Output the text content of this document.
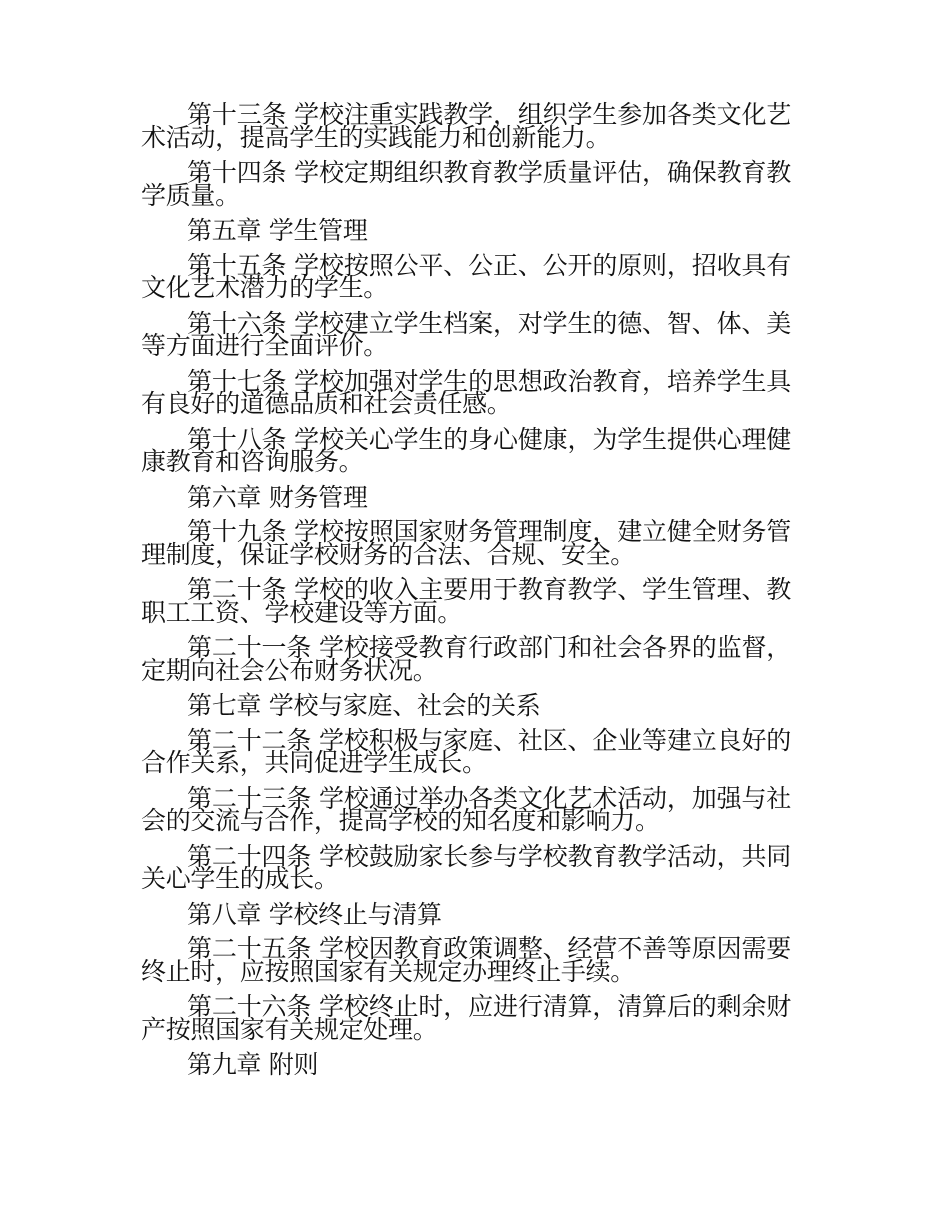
第十三条 学校注重实践教学，组织学生参加各类文化艺术活动，提高学生的实践能力和创新能力。

第十四条 学校定期组织教育教学质量评估，确保教育教学质量。

第五章 学生管理

第十五条 学校按照公平、公正、公开的原则，招收具有文化艺术潜力的学生。

第十六条 学校建立学生档案，对学生的德、智、体、美等方面进行全面评价。

第十七条 学校加强对学生的思想政治教育，培养学生具有良好的道德品质和社会责任感。

第十八条 学校关心学生的身心健康，为学生提供心理健康教育和咨询服务。

第六章 财务管理

第十九条 学校按照国家财务管理制度，建立健全财务管理制度，保证学校财务的合法、合规、安全。

第二十条 学校的收入主要用于教育教学、学生管理、教职工工资、学校建设等方面。

第二十一条 学校接受教育行政部门和社会各界的监督，定期向社会公布财务状况。

第七章 学校与家庭、社会的关系

第二十二条 学校积极与家庭、社区、企业等建立良好的合作关系，共同促进学生成长。

第二十三条 学校通过举办各类文化艺术活动，加强与社会的交流与合作，提高学校的知名度和影响力。

第二十四条 学校鼓励家长参与学校教育教学活动，共同关心学生的成长。

第八章 学校终止与清算

第二十五条 学校因教育政策调整、经营不善等原因需要终止时，应按照国家有关规定办理终止手续。

第二十六条 学校终止时，应进行清算，清算后的剩余财产按照国家有关规定处理。

第九章 附则
